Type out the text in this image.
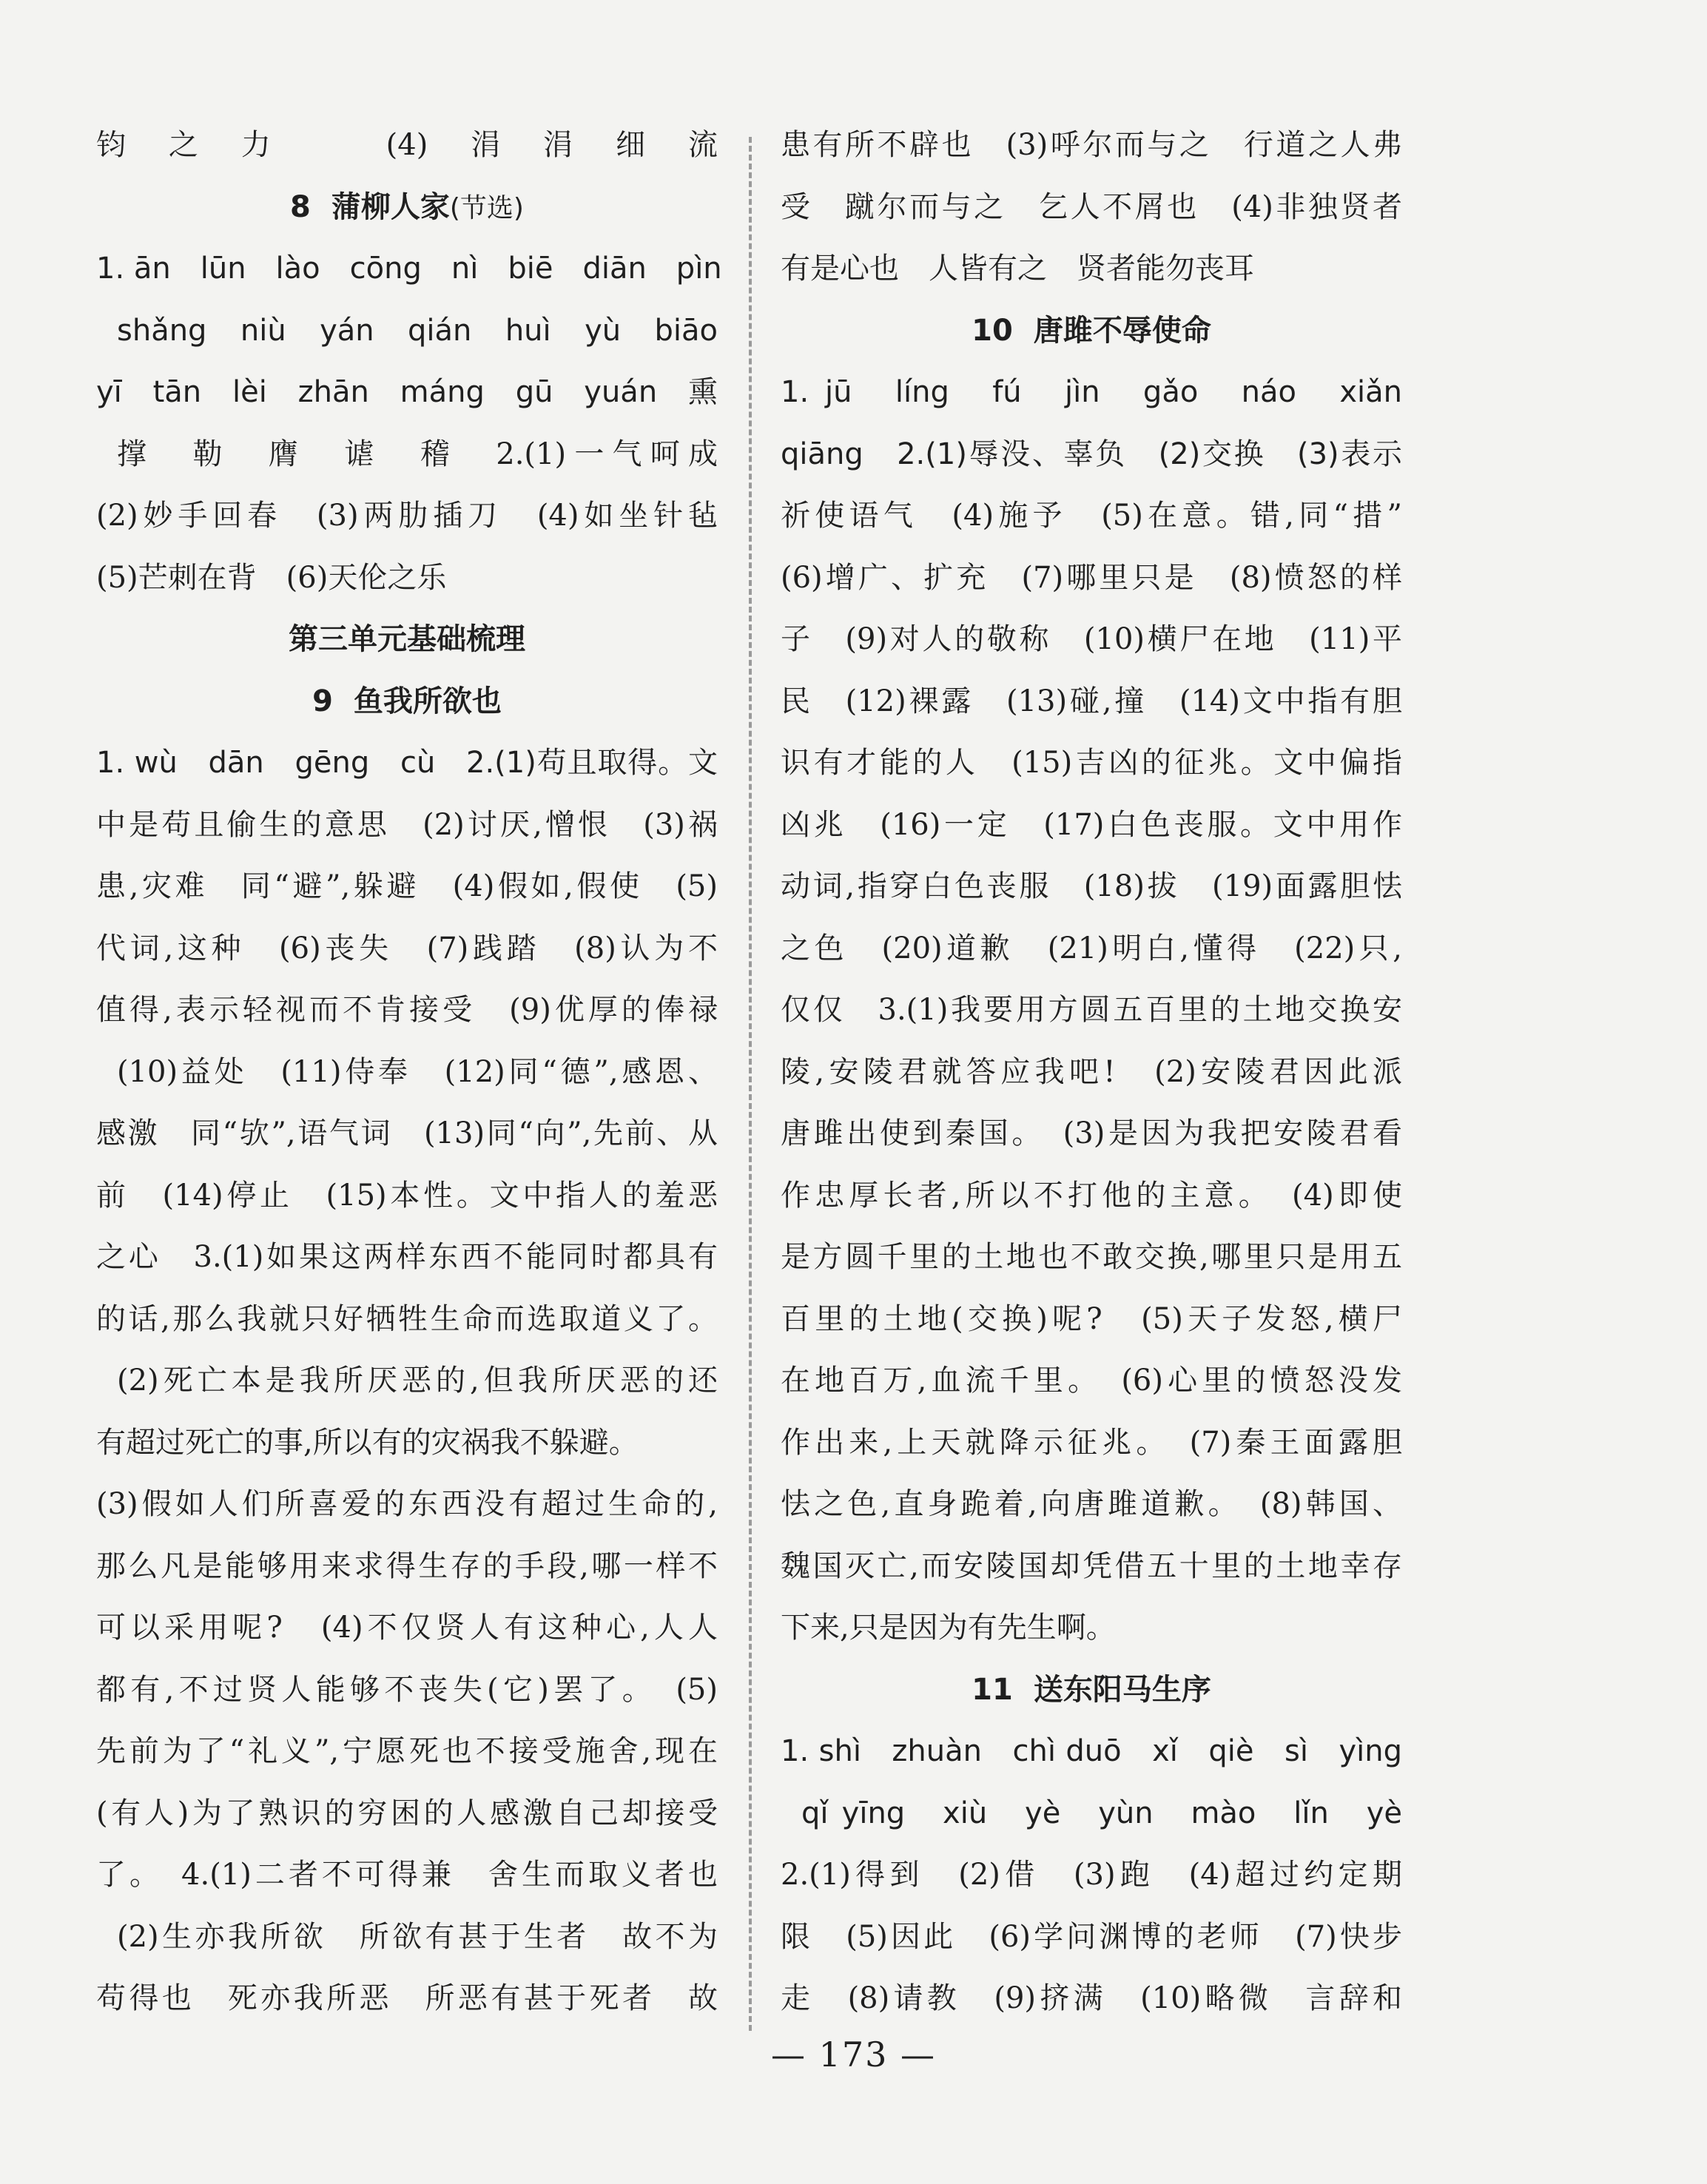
钧之力　(4)涓涓细流
8 蒲柳人家(节选)
1. ān　lūn　lào　cōng　nì　biē　diān　pìn
shǎng　niù　yán　qián　huì　yù　biāo
yī　tān　lèi　zhān　máng　gū　yuán　熏
撑　勒　膺　谑　稽　2.(1)一气呵成
(2)妙手回春　(3)两肋插刀　(4)如坐针毡
(5)芒刺在背　(6)天伦之乐
第三单元基础梳理
9 鱼我所欲也
1. wù　dān　gēng　cù　2.(1)苟且取得。文
中是苟且偷生的意思　(2)讨厌,憎恨　(3)祸
患,灾难　同“避”,躲避　(4)假如,假使　(5)
代词,这种　(6)丧失　(7)践踏　(8)认为不
值得,表示轻视而不肯接受　(9)优厚的俸禄
(10)益处　(11)侍奉　(12)同“德”,感恩、
感激　同“欤”,语气词　(13)同“向”,先前、从
前　(14)停止　(15)本性。文中指人的羞恶
之心　3.(1)如果这两样东西不能同时都具有
的话,那么我就只好牺牲生命而选取道义了。
(2)死亡本是我所厌恶的,但我所厌恶的还
有超过死亡的事,所以有的灾祸我不躲避。
(3)假如人们所喜爱的东西没有超过生命的,
那么凡是能够用来求得生存的手段,哪一样不
可以采用呢?　(4)不仅贤人有这种心,人人
都有,不过贤人能够不丧失(它)罢了。　(5)
先前为了“礼义”,宁愿死也不接受施舍,现在
(有人)为了熟识的穷困的人感激自己却接受
了。　4.(1)二者不可得兼　舍生而取义者也
(2)生亦我所欲　所欲有甚于生者　故不为
苟得也　死亦我所恶　所恶有甚于死者　故
患有所不辟也　(3)呼尔而与之　行道之人弗
受　蹴尔而与之　乞人不屑也　(4)非独贤者
有是心也　人皆有之　贤者能勿丧耳
10 唐雎不辱使命
1. jū　líng　fú　jìn　gǎo　náo　xiǎn
qiāng　2.(1)辱没、辜负　(2)交换　(3)表示
祈使语气　(4)施予　(5)在意。错,同“措”
(6)增广、扩充　(7)哪里只是　(8)愤怒的样
子　(9)对人的敬称　(10)横尸在地　(11)平
民　(12)裸露　(13)碰,撞　(14)文中指有胆
识有才能的人　(15)吉凶的征兆。文中偏指
凶兆　(16)一定　(17)白色丧服。文中用作
动词,指穿白色丧服　(18)拔　(19)面露胆怯
之色　(20)道歉　(21)明白,懂得　(22)只,
仅仅　3.(1)我要用方圆五百里的土地交换安
陵,安陵君就答应我吧!　(2)安陵君因此派
唐雎出使到秦国。　(3)是因为我把安陵君看
作忠厚长者,所以不打他的主意。　(4)即使
是方圆千里的土地也不敢交换,哪里只是用五
百里的土地(交换)呢?　(5)天子发怒,横尸
在地百万,血流千里。　(6)心里的愤怒没发
作出来,上天就降示征兆。　(7)秦王面露胆
怯之色,直身跪着,向唐雎道歉。　(8)韩国、
魏国灭亡,而安陵国却凭借五十里的土地幸存
下来,只是因为有先生啊。
11 送东阳马生序
1. shì　zhuàn　chì duō　xǐ　qiè　sì　yìng
qǐ yīng　xiù　yè　yùn　mào　lǐn　yè
2.(1)得到　(2)借　(3)跑　(4)超过约定期
限　(5)因此　(6)学问渊博的老师　(7)快步
走　(8)请教　(9)挤满　(10)略微　言辞和
— 173 —
